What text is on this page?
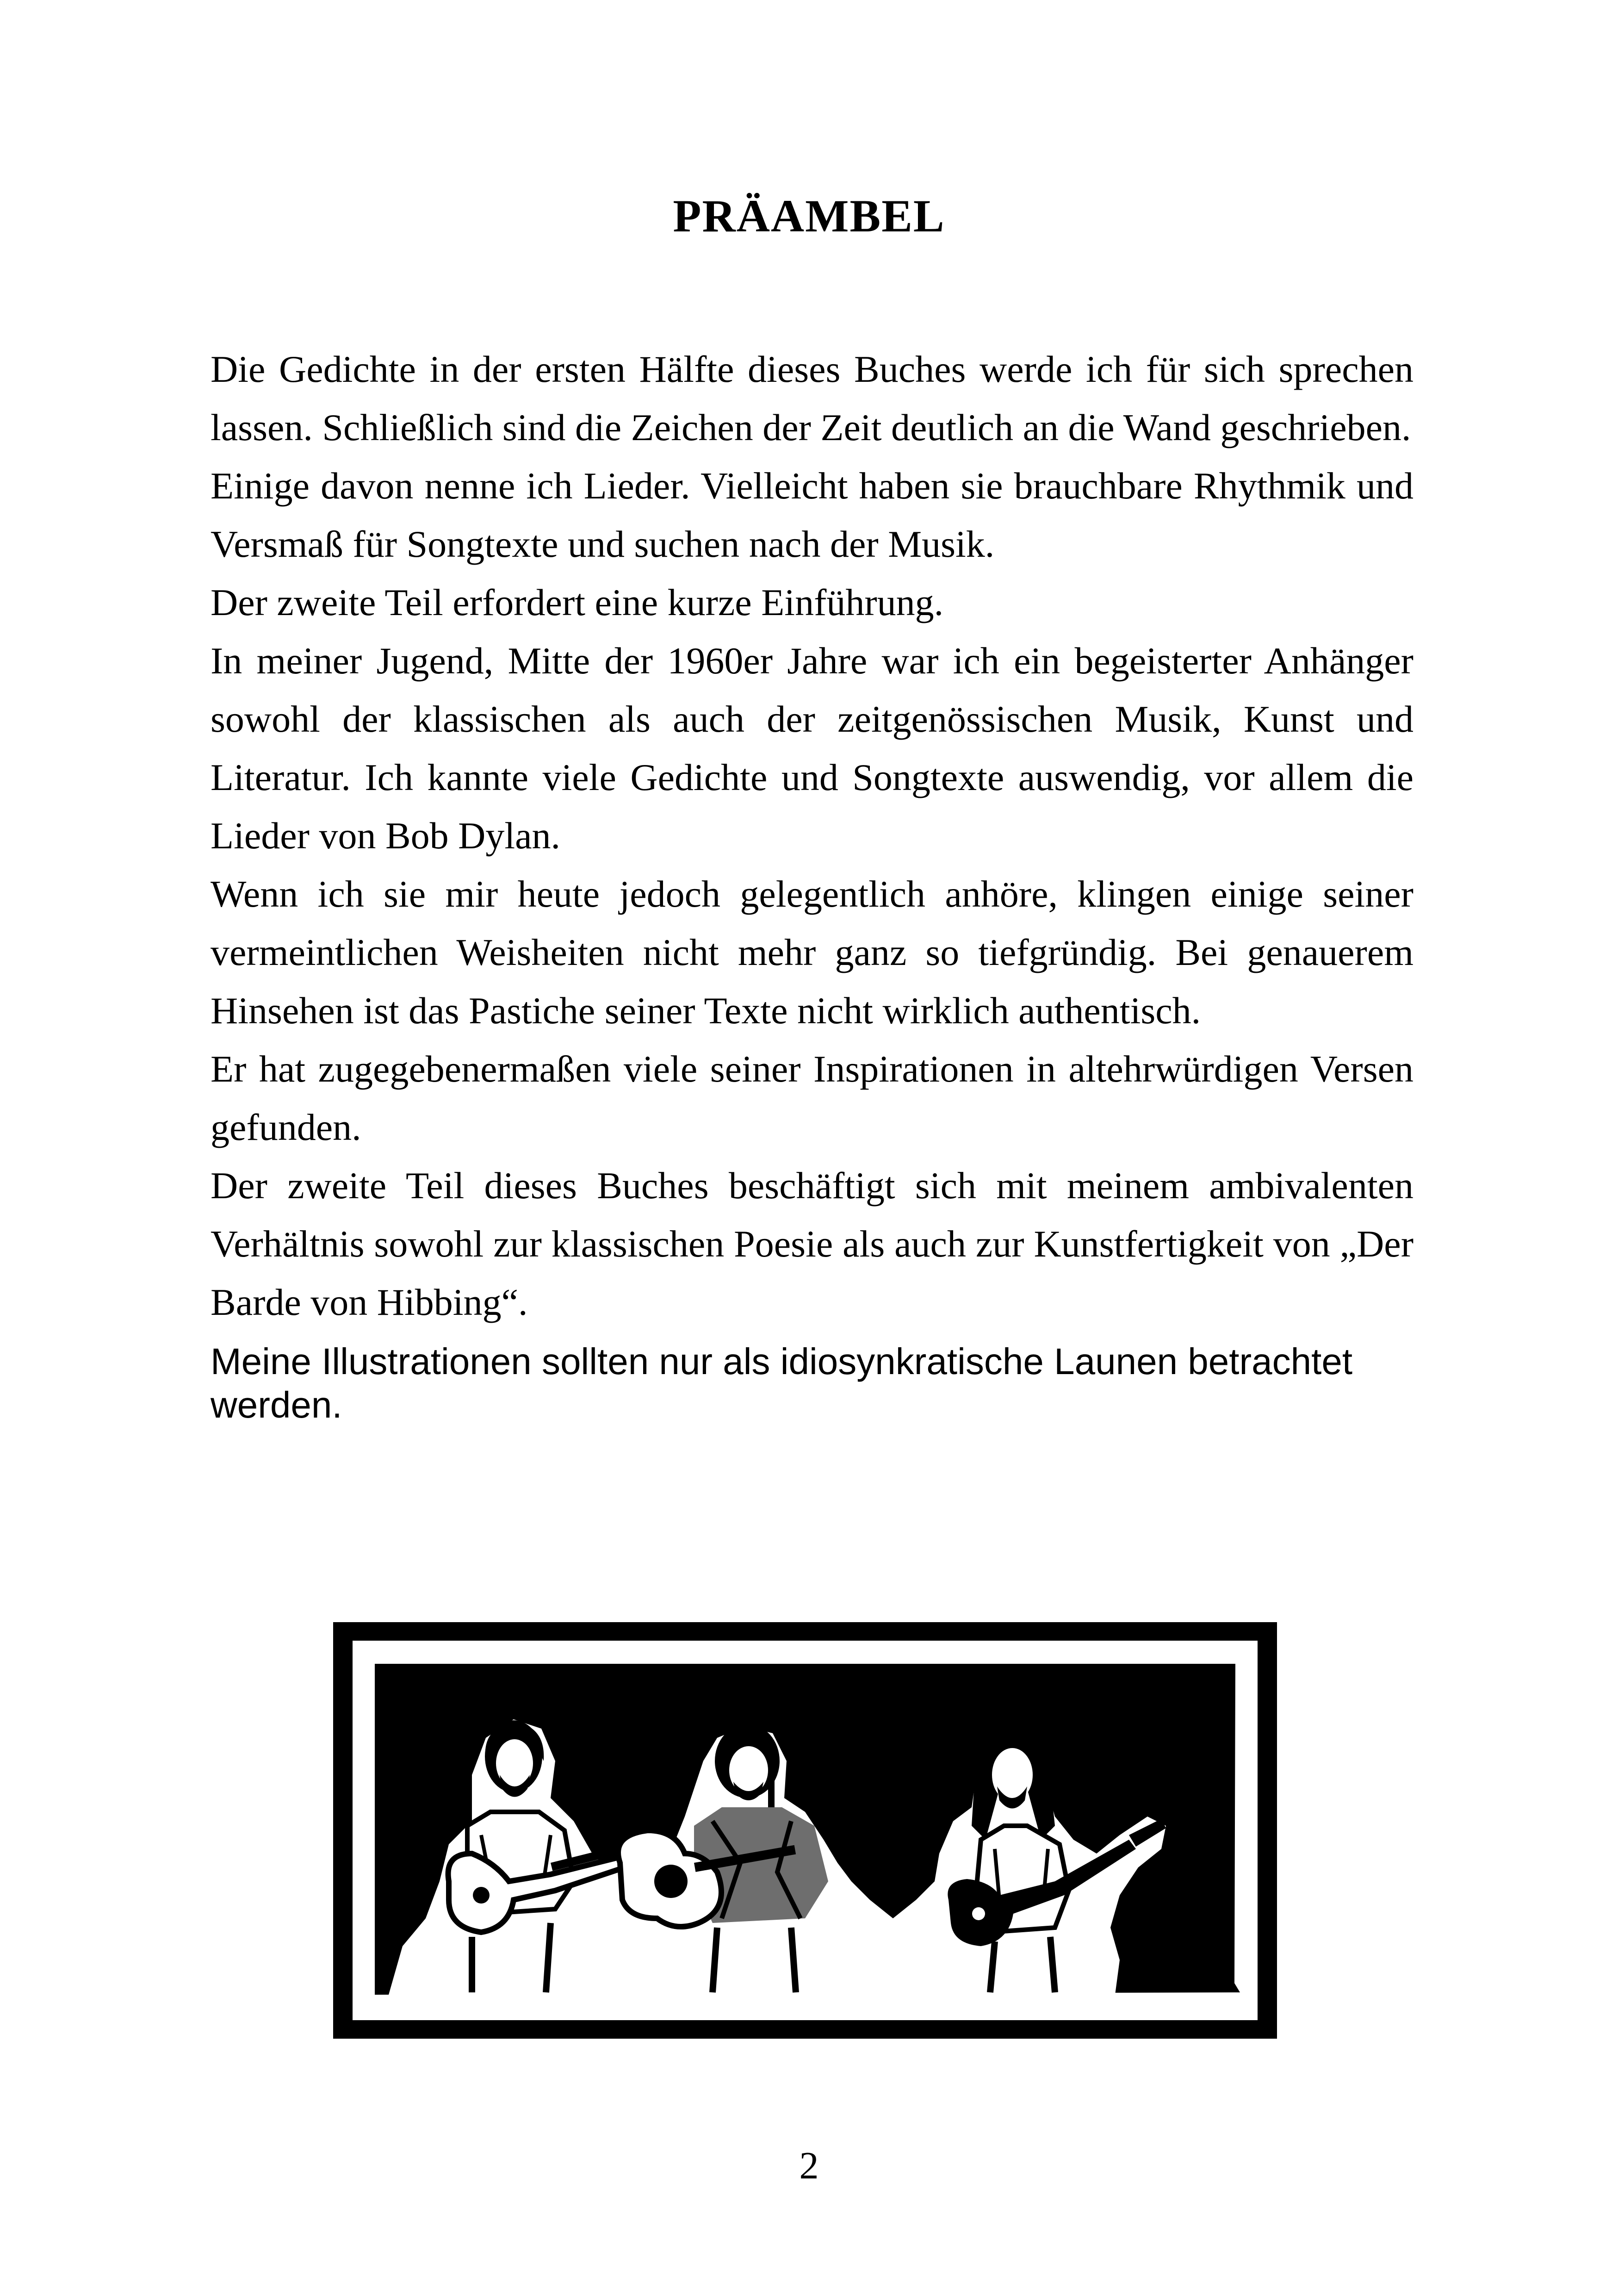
PRÄAMBEL

Die Gedichte in der ersten Hälfte dieses Buches werde ich für sich sprechen lassen. Schließlich sind die Zeichen der Zeit deutlich an die Wand geschrieben.

Einige davon nenne ich Lieder. Vielleicht haben sie brauchbare Rhythmik und Versmaß für Songtexte und suchen nach der Musik.

Der zweite Teil erfordert eine kurze Einführung.

In meiner Jugend, Mitte der 1960er Jahre war ich ein begeisterter Anhänger sowohl der klassischen als auch der zeitgenössischen Musik, Kunst und Literatur. Ich kannte viele Gedichte und Songtexte auswendig, vor allem die Lieder von Bob Dylan.

Wenn ich sie mir heute jedoch gelegentlich anhöre, klingen einige seiner vermeintlichen Weisheiten nicht mehr ganz so tiefgründig. Bei genauerem Hinsehen ist das Pastiche seiner Texte nicht wirklich authentisch.

Er hat zugegebenermaßen viele seiner Inspirationen in altehrwürdigen Versen gefunden.

Der zweite Teil dieses Buches beschäftigt sich mit meinem ambivalenten Verhältnis sowohl zur klassischen Poesie als auch zur Kunstfertigkeit von „Der Barde von Hibbing“.

Meine Illustrationen sollten nur als idiosynkratische Launen betrachtet werden.

2
